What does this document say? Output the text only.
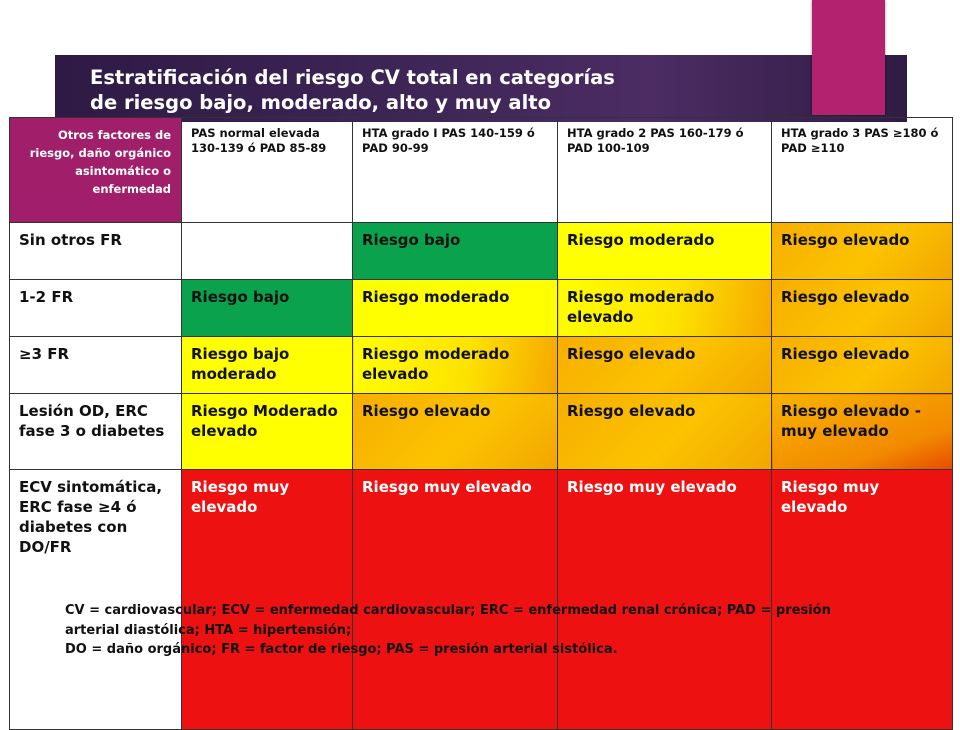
Estratificación del riesgo CV total en categorías
de riesgo bajo, moderado, alto y muy alto
Otros factores de riesgo, daño orgánico asintomático o enfermedad	PAS normal elevada 130-139 ó PAD 85-89	HTA grado I PAS 140-159 ó PAD 90-99	HTA grado 2 PAS 160-179 ó PAD 100-109	HTA grado 3 PAS ≥180 ó PAD ≥110

Sin otros FR		Riesgo bajo	Riesgo moderado	Riesgo elevado

1-2 FR	Riesgo bajo	Riesgo moderado	Riesgo moderado elevado	Riesgo elevado

≥3 FR	Riesgo bajo moderado	Riesgo moderado elevado	Riesgo elevado	Riesgo elevado

Lesión OD, ERC fase 3 o diabetes	Riesgo Moderado elevado	Riesgo elevado	Riesgo elevado	Riesgo elevado - muy elevado

ECV sintomática, ERC fase ≥4 ó diabetes con DO/FR	Riesgo muy elevado	Riesgo muy elevado	Riesgo muy elevado	Riesgo muy elevado
CV = cardiovascular; ECV = enfermedad cardiovascular; ERC = enfermedad renal crónica; PAD = presión
arterial diastólica; HTA = hipertensión;
DO = daño orgánico; FR = factor de riesgo; PAS = presión arterial sistólica.
